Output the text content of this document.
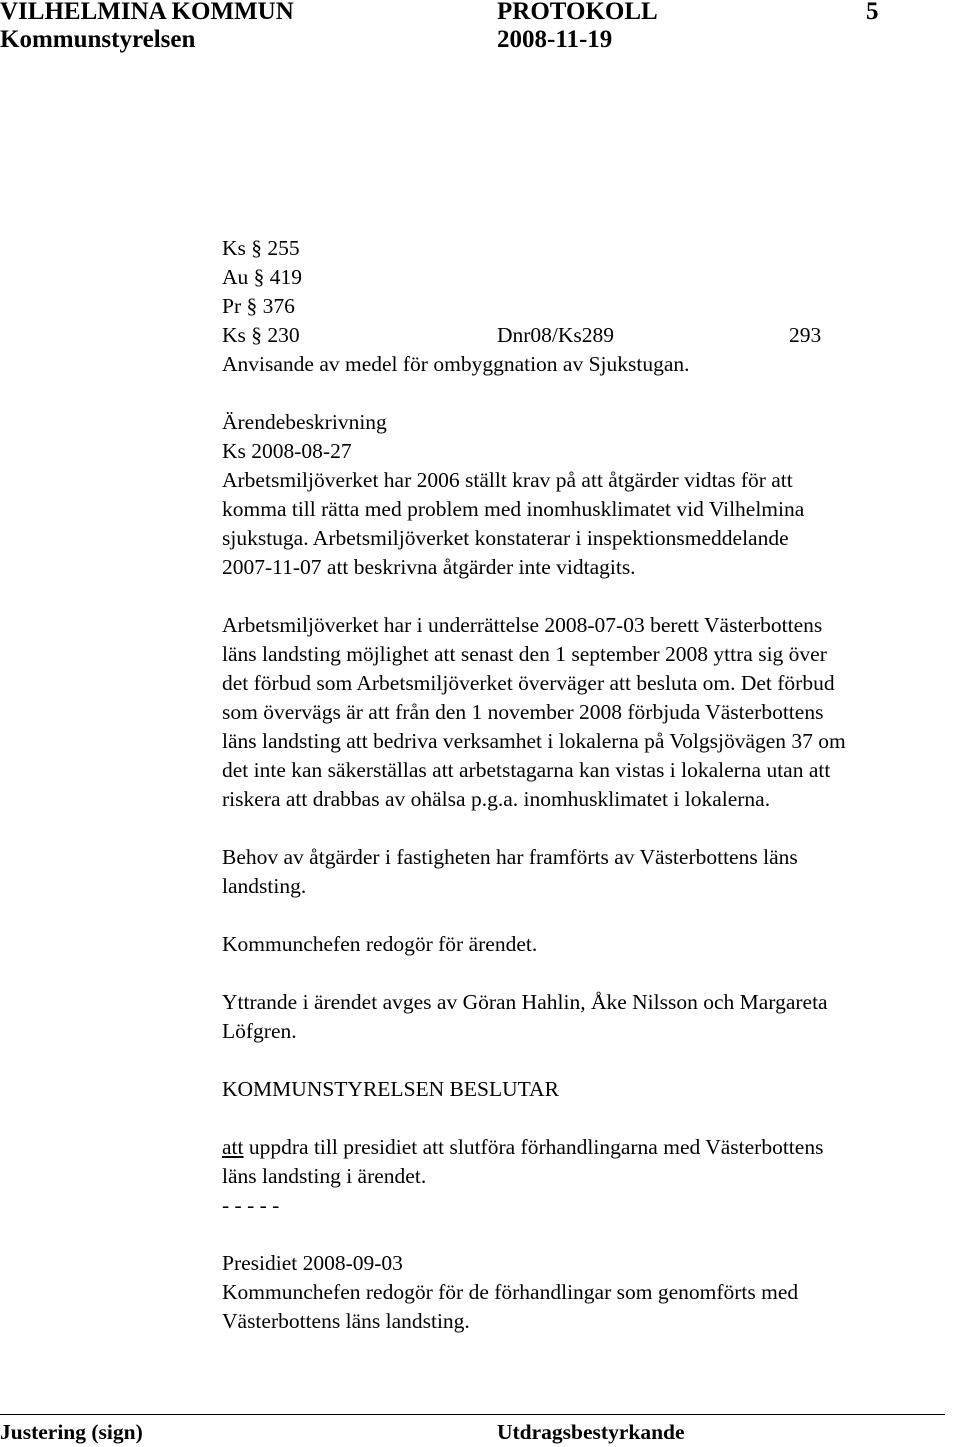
VILHELMINA KOMMUN	PROTOKOLL	5
Kommunstyrelsen	2008-11-19
Ks § 255
Au § 419
Pr § 376
Ks § 230	Dnr08/Ks289	293
Anvisande av medel för ombyggnation av Sjukstugan.
Ärendebeskrivning
Ks 2008-08-27
Arbetsmiljöverket har 2006 ställt krav på att åtgärder vidtas för att
komma till rätta med problem med inomhusklimatet vid Vilhelmina
sjukstuga. Arbetsmiljöverket konstaterar i inspektionsmeddelande
2007-11-07 att beskrivna åtgärder inte vidtagits.
Arbetsmiljöverket har i underrättelse 2008-07-03 berett Västerbottens
läns landsting möjlighet att senast den 1 september 2008 yttra sig över
det förbud som Arbetsmiljöverket överväger att besluta om. Det förbud
som övervägs är att från den 1 november 2008 förbjuda Västerbottens
läns landsting att bedriva verksamhet i lokalerna på Volgsjövägen 37 om
det inte kan säkerställas att arbetstagarna kan vistas i lokalerna utan att
riskera att drabbas av ohälsa p.g.a. inomhusklimatet i lokalerna.
Behov av åtgärder i fastigheten har framförts av Västerbottens läns
landsting.
Kommunchefen redogör för ärendet.
Yttrande i ärendet avges av Göran Hahlin, Åke Nilsson och Margareta
Löfgren.
KOMMUNSTYRELSEN BESLUTAR
att uppdra till presidiet att slutföra förhandlingarna med Västerbottens
läns landsting i ärendet.
- - - - -
Presidiet 2008-09-03
Kommunchefen redogör för de förhandlingar som genomförts med
Västerbottens läns landsting.
Justering (sign)	Utdragsbestyrkande
